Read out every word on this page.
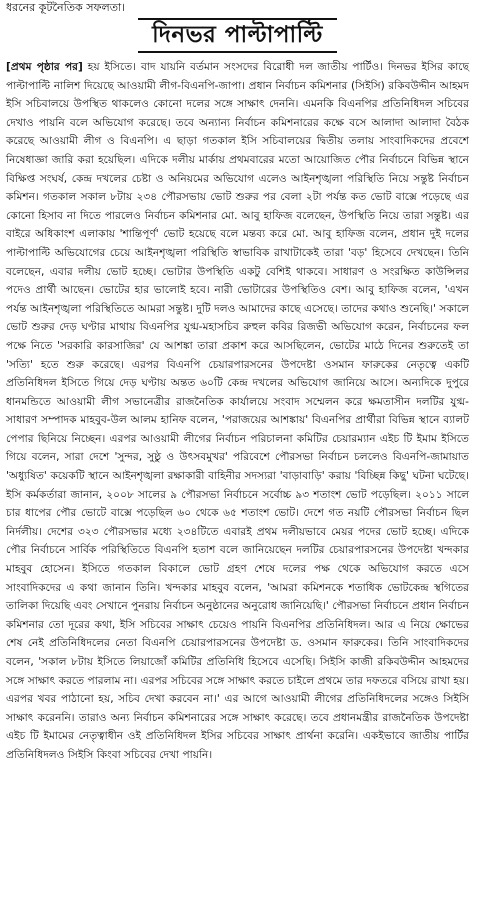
ধরনের কূটনৈতিক সফলতা।
দিনভর পাল্টাপাল্টি
[প্রথম পৃষ্ঠার পর] হয় ইসিতে। বাদ যায়নি বর্তমান সংসদের বিরোধী দল জাতীয় পার্টিও। দিনভর ইসির কাছে পাল্টাপাল্টি নালিশ দিয়েছে আওয়ামী লীগ-বিএনপি-জাপা। প্রধান নির্বাচন কমিশনার (সিইসি) রকিবউদ্দীন আহমদ ইসি সচিবালয়ে উপস্থিত থাকলেও কোনো দলের সঙ্গে সাক্ষাৎ দেননি। এমনকি বিএনপির প্রতিনিধিদল সচিবের দেখাও পায়নি বলে অভিযোগ করেছে। তবে অন্যান্য নির্বাচন কমিশনারের কক্ষে বসে আলাদা আলাদা বৈঠক করেছে আওয়ামী লীগ ও বিএনপি। এ ছাড়া গতকাল ইসি সচিবালয়ের দ্বিতীয় তলায় সাংবাদিকদের প্রবেশে নিষেধাজ্ঞা জারি করা হয়েছিল। এদিকে দলীয় মার্কায় প্রথমবারের মতো আয়োজিত পৌর নির্বাচনে বিভিন্ন স্থানে বিক্ষিপ্ত সংঘর্ষ, কেন্দ্র দখলের চেষ্টা ও অনিয়মের অভিযোগ এলেও আইনশৃঙ্খলা পরিস্থিতি নিয়ে সন্তুষ্ট নির্বাচন কমিশন। গতকাল সকাল ৮টায় ২৩৪ পৌরসভায় ভোট শুরুর পর বেলা ২টা পর্যন্ত কত ভোট বাক্সে পড়েছে এর কোনো হিসাব না দিতে পারলেও নির্বাচন কমিশনার মো. আবু হাফিজ বলেছেন, উপস্থিতি নিয়ে তারা সন্তুষ্ট। এর বাইরে অধিকাংশ এলাকায় 'শান্তিপূর্ণ' ভোট হয়েছে বলে মন্তব্য করে মো. আবু হাফিজ বলেন, প্রধান দুই দলের পাল্টাপাল্টি অভিযোগের চেয়ে আইনশৃঙ্খলা পরিস্থিতি স্বাভাবিক রাখাটাকেই তারা 'বড়' হিসেবে দেখছেন। তিনি বলেছেন, এবার দলীয় ভোট হচ্ছে। ভোটার উপস্থিতি একটু বেশিই থাকবে। সাধারণ ও সংরক্ষিত কাউন্সিলর পদেও প্রার্থী আছেন। ভোটের হার ভালোই হবে। নারী ভোটারের উপস্থিতিও বেশ। আবু হাফিজ বলেন, 'এখন পর্যন্ত আইনশৃঙ্খলা পরিস্থিতিতে আমরা সন্তুষ্ট। দুটি দলও আমাদের কাছে এসেছে। তাদের কথাও শুনেছি।' সকালে ভোট শুরুর দেড় ঘণ্টার মাথায় বিএনপির যুগ্ম-মহাসচিব রুহুল কবির রিজভী অভিযোগ করেন, নির্বাচনের ফল পক্ষে নিতে 'সরকারি কারসাজির' যে আশঙ্কা তারা প্রকাশ করে আসছিলেন, ভোটের মাঠে দিনের শুরুতেই তা 'সত্যি' হতে শুরু করেছে। এরপর বিএনপি চেয়ারপারসনের উপদেষ্টা ওসমান ফারুকের নেতৃত্বে একটি প্রতিনিধিদল ইসিতে গিয়ে দেড় ঘণ্টায় অন্তত ৬০টি কেন্দ্র দখলের অভিযোগ জানিয়ে আসে। অন্যদিকে দুপুরে ধানমন্ডিতে আওয়ামী লীগ সভানেত্রীর রাজনৈতিক কার্যালয়ে সংবাদ সম্মেলন করে ক্ষমতাসীন দলটির যুগ্ম-সাধারণ সম্পাদক মাহবুব-উল আলম হানিফ বলেন, 'পরাজয়ের আশঙ্কায়' বিএনপির প্রার্থীরা বিভিন্ন স্থানে ব্যালট পেপার ছিনিয়ে নিচ্ছেন। এরপর আওয়ামী লীগের নির্বাচন পরিচালনা কমিটির চেয়ারম্যান এইচ টি ইমাম ইসিতে গিয়ে বলেন, সারা দেশে 'সুন্দর, সুষ্ঠু ও উৎসবমুখর' পরিবেশে পৌরসভা নির্বাচন চললেও বিএনপি-জামায়াত 'অধ্যুষিত' কয়েকটি স্থানে আইনশৃঙ্খলা রক্ষাকারী বাহিনীর সদস্যরা 'বাড়াবাড়ি' করায় 'বিচ্ছিন্ন কিছু' ঘটনা ঘটেছে। ইসি কর্মকর্তারা জানান, ২০০৮ সালের ৯ পৌরসভা নির্বাচনে সর্বোচ্চ ৯৩ শতাংশ ভোট পড়েছিল। ২০১১ সালে চার ধাপের পৌর ভোটে বাক্সে পড়েছিল ৬০ থেকে ৬৫ শতাংশ ভোট। দেশে গত নয়টি পৌরসভা নির্বাচন ছিল নির্দলীয়। দেশের ৩২৩ পৌরসভার মধ্যে ২৩৪টিতে এবারই প্রথম দলীয়ভাবে মেয়র পদের ভোট হচ্ছে। এদিকে পৌর নির্বাচনে সার্বিক পরিস্থিতিতে বিএনপি হতাশ বলে জানিয়েছেন দলটির চেয়ারপারসনের উপদেষ্টা খন্দকার মাহবুব হোসেন। ইসিতে গতকাল বিকালে ভোট গ্রহণ শেষে দলের পক্ষ থেকে অভিযোগ করতে এসে সাংবাদিকদের এ কথা জানান তিনি। খন্দকার মাহবুব বলেন, 'আমরা কমিশনকে শতাধিক ভোটকেন্দ্র স্থগিতের তালিকা দিয়েছি এবং সেখানে পুনরায় নির্বাচন অনুষ্ঠানের অনুরোধ জানিয়েছি।' পৌরসভা নির্বাচনে প্রধান নির্বাচন কমিশনার তো দূরের কথা, ইসি সচিবের সাক্ষাৎ চেয়েও পায়নি বিএনপির প্রতিনিধিদল। আর এ নিয়ে ক্ষোভের শেষ নেই প্রতিনিধিদলের নেতা বিএনপি চেয়ারপারসনের উপদেষ্টা ড. ওসমান ফারুকের। তিনি সাংবাদিকদের বলেন, 'সকাল ৮টায় ইসিতে লিয়াজোঁ কমিটির প্রতিনিধি হিসেবে এসেছি। সিইসি কাজী রকিবউদ্দীন আহমদের সঙ্গে সাক্ষাৎ করতে পারলাম না। এরপর সচিবের সঙ্গে সাক্ষাৎ করতে চাইলে প্রথমে তার দফতরে বসিয়ে রাখা হয়। এরপর খবর পাঠানো হয়, সচিব দেখা করবেন না।' এর আগে আওয়ামী লীগের প্রতিনিধিদলের সঙ্গেও সিইসি সাক্ষাৎ করেননি। তারাও অন্য নির্বাচন কমিশনারের সঙ্গে সাক্ষাৎ করেছে। তবে প্রধানমন্ত্রীর রাজনৈতিক উপদেষ্টা এইচ টি ইমামের নেতৃত্বাধীন ওই প্রতিনিধিদল ইসির সচিবের সাক্ষাৎ প্রার্থনা করেনি। একইভাবে জাতীয় পার্টির প্রতিনিধিদলও সিইসি কিংবা সচিবের দেখা পায়নি।
